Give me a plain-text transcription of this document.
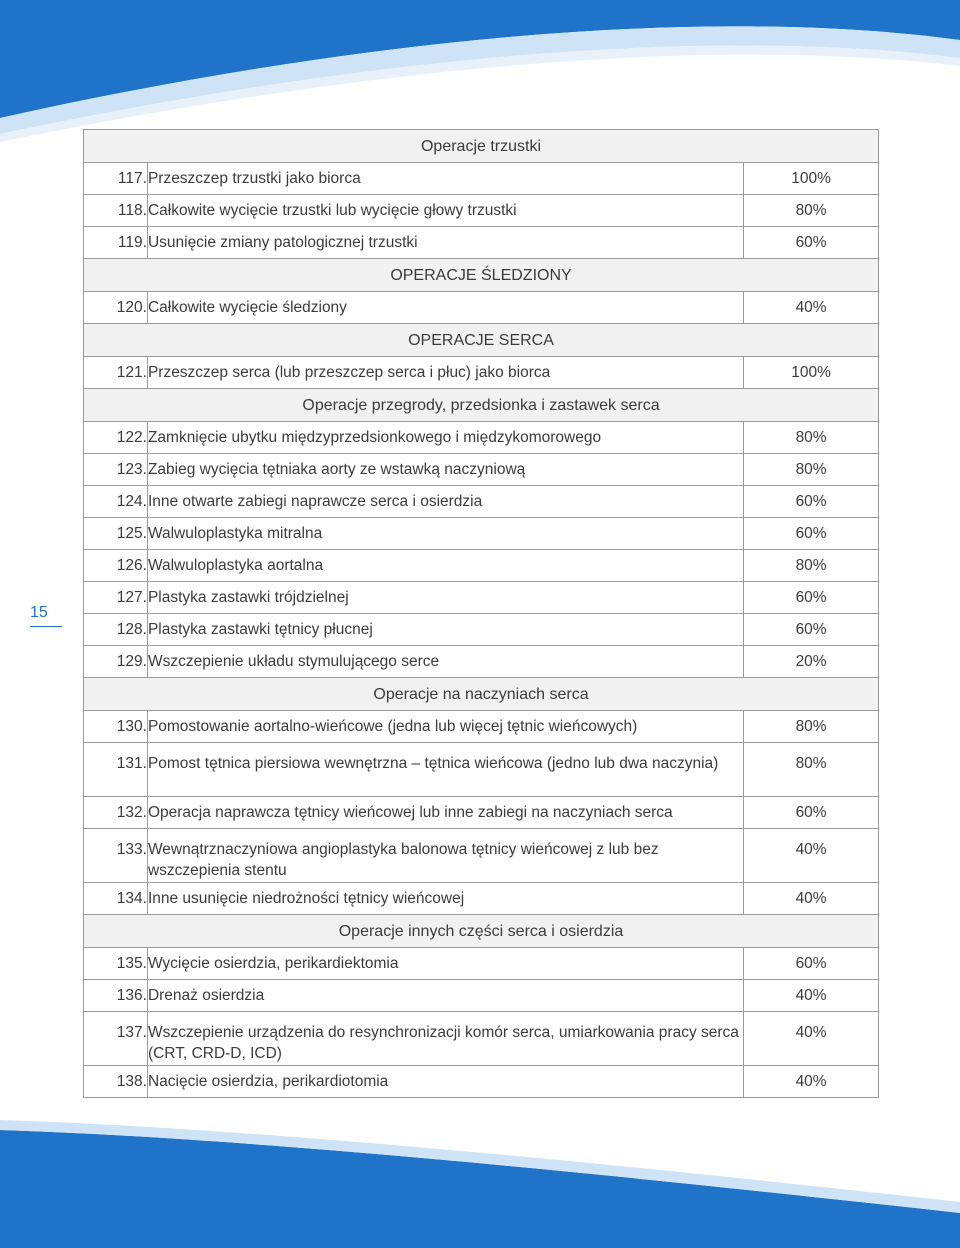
15
Operacje trzustki		
117.	Przeszczep trzustki jako biorca	100%
118.	Całkowite wycięcie trzustki lub wycięcie głowy trzustki	80%
119.	Usunięcie zmiany patologicznej trzustki	60%
OPERACJE ŚLEDZIONY		
120.	Całkowite wycięcie śledziony	40%
OPERACJE SERCA		
121.	Przeszczep serca (lub przeszczep serca i płuc) jako biorca	100%
Operacje przegrody, przedsionka i zastawek serca		
122.	Zamknięcie ubytku międzyprzedsionkowego i międzykomorowego	80%
123.	Zabieg wycięcia tętniaka aorty ze wstawką naczyniową	80%
124.	Inne otwarte zabiegi naprawcze serca i osierdzia	60%
125.	Walwuloplastyka mitralna	60%
126.	Walwuloplastyka aortalna	80%
127.	Plastyka zastawki trójdzielnej	60%
128.	Plastyka zastawki tętnicy płucnej	60%
129.	Wszczepienie układu stymulującego serce	20%
Operacje na naczyniach serca		
130.	Pomostowanie aortalno-wieńcowe (jedna lub więcej tętnic wieńcowych)	80%
131.	Pomost tętnica piersiowa wewnętrzna – tętnica wieńcowa (jedno lub dwa naczynia)	80%
132.	Operacja naprawcza tętnicy wieńcowej lub inne zabiegi na naczyniach serca	60%
133.	Wewnątrznaczyniowa angioplastyka balonowa tętnicy wieńcowej z lub bez wszczepienia stentu	40%
134.	Inne usunięcie niedrożności tętnicy wieńcowej	40%
Operacje innych części serca i osierdzia		
135.	Wycięcie osierdzia, perikardiektomia	60%
136.	Drenaż osierdzia	40%
137.	Wszczepienie urządzenia do resynchronizacji komór serca, umiarkowania pracy serca (CRT, CRD-D, ICD)	40%
138.	Nacięcie osierdzia, perikardiotomia	40%
